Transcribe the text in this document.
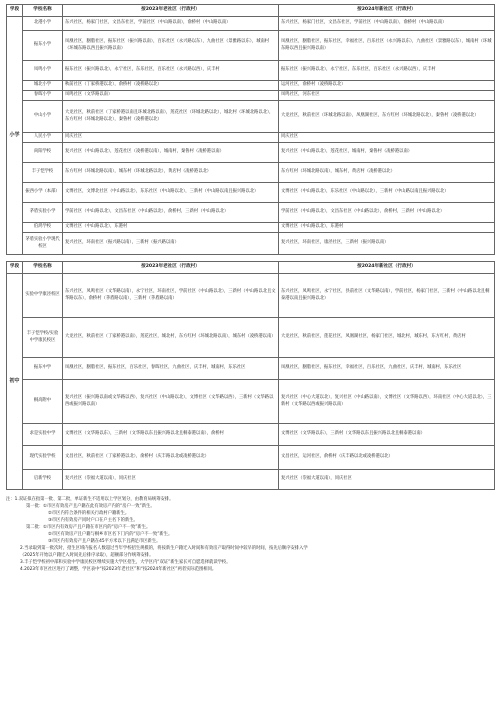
学段	学校名称	按2023年老社区（行政村）	按2024年新社区（行政村）
小学	北港小学	东兴社区，杨家门社区，文昌东社区，学前社区（中山路以南），俞桥村（中山路以南）	东兴社区，杨家门社区，文昌东社区，学前社区（中山路以南），俞桥村（中山路以南）
	振东小学	凤凰社区，胭脂社区，振东社区（振兴路以南），百乐社区（永兴路以东），九曲社区（景雅路以东），城南村（环城东路以西且振兴路以南）	凤凰社区，胭脂社区，振东社区，幸福社区，百乐社区（永兴路以东），九曲社区（景雅路以东），城南村（环城东路以西且振兴路以南）
	凤鸣小学	振东社区（振兴路以北），永宁社区，东乐社区，百乐社区（永兴路以西），庆丰村	振东社区（振兴路以北），永宁社区，东乐社区，百乐社区（永兴路以西），庆丰村
	城北小学	秋前社区（丁家桥港以北），俞桥村（凌桥路以北）	运河社区，俞桥村（凌桥路以北）
	春晖小学	凤鸣社区（文华路以南）	凤鸣社区，河东社区
	中山小学	大龙社区，秋前社区（丁家桥港以南且环城北路以南），莲花社区（环城北路以北），城北村（环城北路以北），东方红村（环城北路以北），秦鲁村（凌桥港以北）	大龙社区，秋前社区（环城北路以南），凤凰湖社区，东方红村（环城北路以北），秦鲁村（凌桥港以北）
	人民小学	同庆社区	同庆社区
	尚阳学校	复兴社区（中山路以北），莲花社区（凌桥港以南），城南村，秦鲁村（凌桥港以南）	复兴社区（中山路以北），莲花社区，城南村，秦鲁村（凌桥港以南）
	丰子恺学校	东方红村（环城北路以南），城东村（环城北路以北），黄店村（凌桥港以北）	东方红村（环城北路以南），城东村，黄店村（凌桥港以北）
	振西小学（本部）	文博社区，文博北社区（中山路以北），东乐社区（中山路以北），三新村（中山路以南且振兴路以北）	文博社区（中山路以北），东乐社区（中山路以北），三新村（中山路以南且振兴路以北）
	茅盾实验小学	学前社区（中山路以北），文昌东社区（中山路以北），俞桥村，三新村（中山路以北）	学前社区（中山路以北），文昌东社区（中山路以北），俞桥村，三新村（中山路以北）
	伯鸿学校	文博社区（中山路以北），东港村	文博社区（中山路以北），东港村
	茅盾实验小学现代校区	复兴社区，环南社区（振兴路以南），三新村（振兴路以南）	复兴社区，环南社区，康泾社区，三新村（振兴路以南）
学段	学校名称	按2023年老社区（行政村）	按2024年新社区（行政村）
初中	实验中学康泾校区	东兴社区，凤鸣社区（文华路以南），永宁社区，环南社区，学前社区（中山路以北），三新村（中山路以北且文华路以东），俞桥村（茅盾路以南），三新村（茅盾路以南）	东兴社区，凤鸣社区，永宁社区，县前社区（文华路以南），学前社区，杨家门社区，三新村（中山路以北且桐泰港以南且振兴路以北）
	丰子恺学校/实验中学康民校区	大龙社区，秋前社区（丁家桥港以南），莲花社区，城北村，东方红村（环城北路以南），城东村（凌桥港以南）	大龙社区，秋前社区，莲花社区，凤凰湖社区，杨家门社区，城北村，城东村，东方红村，黄店村
	振东中学	凤凰社区，胭脂社区，振东社区，百乐社区，春晖社区，九曲社区，庆丰村，城南村，东乐社区	凤凰社区，胭脂社区，振东社区，幸福社区，百乐社区，九曲社区，庆丰村，城南村，东乐社区
	桐高附中	复兴社区（振兴路以南或文华路以西），复兴社区（中山路以北），文博社区（文华路以西），三新村（文华路以西或振兴路以南）	复兴社区（中心大道以北），复兴社区（中山路以南），文博社区（文华路以西），环南社区（中心大道以北），三新村（文华路以西或振兴路以南）
	求是实验中学	文博社区（文华路以东），三新村（文华路以东且振兴路以北且桐泰港以南），俞桥村	文博社区（文华路以东），三新村（文华路以东且振兴路以北且桐泰港以南）
	现代实验学校	文昌社区，秋前社区（丁家桥港以北），俞桥村（庆丰路以北或凌桥港以北）	文昌社区，运河社区，俞桥村（庆丰路以北或凌桥港以北）
	启新学校	复兴社区（崇福大道以南），同庆社区	复兴社区（崇福大道以南），同庆社区

注：1.双证拟在指第一批、第二批，单证新生不适用以上学区划分，由教育局统筹安排。

第一批：①市区有效房产且户籍在此有效房产内的“房户一致”新生。

②市区内符合条件的相关行政村户籍新生。

③市区内有效房产同时户口在户主名下的新生。

第二批：①市区内有效房产且户籍在市区内的“房户不一致”新生。

②市区有效房产且户籍与桐乡市区名下门内的“房户不一致”新生。

③市区内有效房产且户籍在45平方米以下且满足市区新生。

2.当录取到第一批次时，招生区域内报名人数超过当年学校招生规模的，将按新生户籍迁入时间和有效房产取得时间中较早的时间，按先后顺序安排入学

（2025年开始以户籍迁入时间先后排序录取），超额部分作统筹安排。

3.丰子恺学校初中部和实验中学康民校区继续实施大学区招生，大学区内“双证”新生家长可自愿选择就读学校。

4.2023年市区社区进行了调整，学区表中“按2023年老社区”和“按2024年新社区”两者实际范围相同。
